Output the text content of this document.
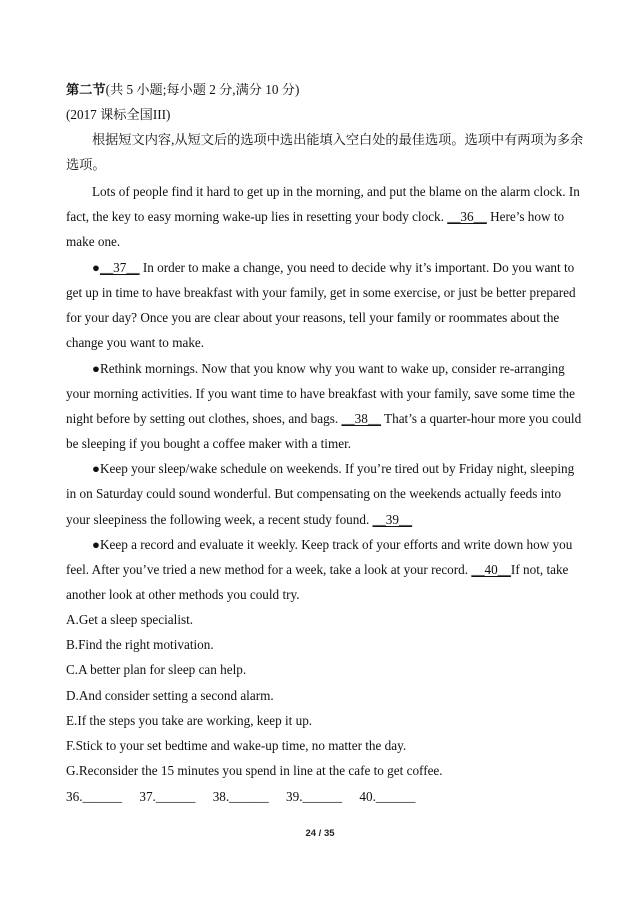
第二节(共 5 小题;每小题 2 分,满分 10 分)
(2017 课标全国III)
根据短文内容,从短文后的选项中选出能填入空白处的最佳选项。选项中有两项为多余
选项。
Lots of people find it hard to get up in the morning, and put the blame on the alarm clock. In
fact, the key to easy morning wake-up lies in resetting your body clock. __36__ Here’s how to
make one.
●__37__ In order to make a change, you need to decide why it’s important. Do you want to
get up in time to have breakfast with your family, get in some exercise, or just be better prepared
for your day? Once you are clear about your reasons, tell your family or roommates about the
change you want to make.
●Rethink mornings. Now that you know why you want to wake up, consider re-arranging
your morning activities. If you want time to have breakfast with your family, save some time the
night before by setting out clothes, shoes, and bags. __38__ That’s a quarter-hour more you could
be sleeping if you bought a coffee maker with a timer.
●Keep your sleep/wake schedule on weekends. If you’re tired out by Friday night, sleeping
in on Saturday could sound wonderful. But compensating on the weekends actually feeds into
your sleepiness the following week, a recent study found. __39__
●Keep a record and evaluate it weekly. Keep track of your efforts and write down how you
feel. After you’ve tried a new method for a week, take a look at your record. __40__If not, take
another look at other methods you could try.
A.Get a sleep specialist.
B.Find the right motivation.
C.A better plan for sleep can help.
D.And consider setting a second alarm.
E.If the steps you take are working, keep it up.
F.Stick to your set bedtime and wake-up time, no matter the day.
G.Reconsider the 15 minutes you spend in line at the cafe to get coffee.
36.______ 37.______ 38.______ 39.______ 40.______
24 / 35
